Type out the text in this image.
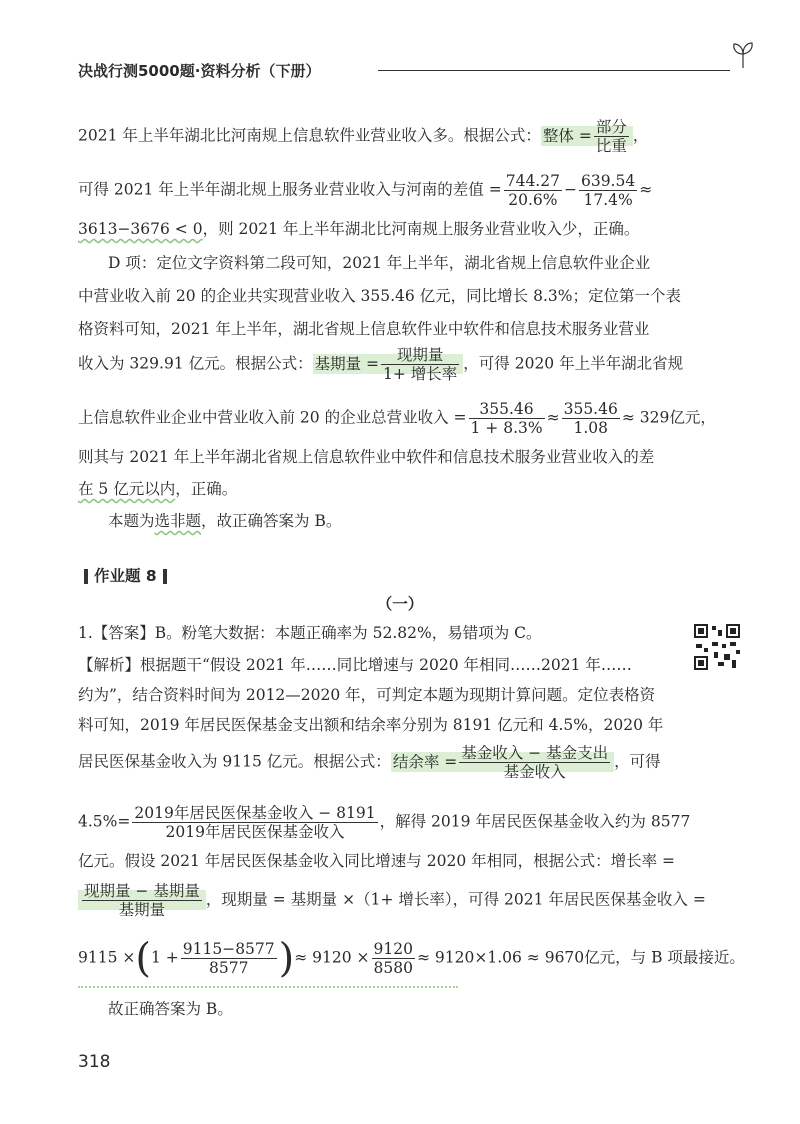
决战行测5000题·资料分析（下册）
2021 年上半年湖北比河南规上信息软件业营业收入多。根据公式： 整体 = $\frac{\text{部分}}{\text{比重}}$ ，
可得 2021 年上半年湖北规上服务业营业收入与河南的差值 = $\frac{744.27}{20.6\%} - \frac{639.54}{17.4\%}$ ≈
3613−3676 < 0，则 2021 年上半年湖北比河南规上服务业营业收入少，正确。
D 项：定位文字资料第二段可知，2021 年上半年，湖北省规上信息软件业企业
中营业收入前 20 的企业共实现营业收入 355.46 亿元，同比增长 8.3%；定位第一个表
格资料可知，2021 年上半年，湖北省规上信息软件业中软件和信息技术服务业营业
收入为 329.91 亿元。根据公式： 基期量 = $\frac{\text{现期量}}{\text{1+ 增长率}}$ ，可得 2020 年上半年湖北省规
上信息软件业企业中营业收入前 20 的企业总营业收入 = $\frac{355.46}{1 + 8.3\%} \approx \frac{355.46}{1.08} \approx 329$亿元，
则其与 2021 年上半年湖北省规上信息软件业中软件和信息技术服务业营业收入的差
在 5 亿元以内，正确。
本题为选非题，故正确答案为 B。
作业题 8
（一）
1.【答案】B。粉笔大数据：本题正确率为 52.82%，易错项为 C。
【解析】根据题干“假设 2021 年……同比增速与 2020 年相同……2021 年……
约为”，结合资料时间为 2012—2020 年，可判定本题为现期计算问题。定位表格资
料可知，2019 年居民医保基金支出额和结余率分别为 8191 亿元和 4.5%，2020 年
居民医保基金收入为 9115 亿元。根据公式： 结余率 = $\frac{\text{基金收入 − 基金支出}}{\text{基金收入}}$ ，可得
$4.5\%= \frac{\text{2019年居民医保基金收入 − 8191}}{\text{2019年居民医保基金收入}}$ ，解得 2019 年居民医保基金收入约为 8577
亿元。假设 2021 年居民医保基金收入同比增速与 2020 年相同，根据公式：增长率 =
$\frac{\text{现期量 − 基期量}}{\text{基期量}}$ ，现期量 = 基期量 ×（1+ 增长率），可得 2021 年居民医保基金收入 =
$9115 \times(1 + \frac{9115-8577}{8577}$ )≈ $9120 \times \frac{9120}{8580} \approx 9120\times 1.06 \approx 9670$亿元，与 B 项最接近。
故正确答案为 B。
318
